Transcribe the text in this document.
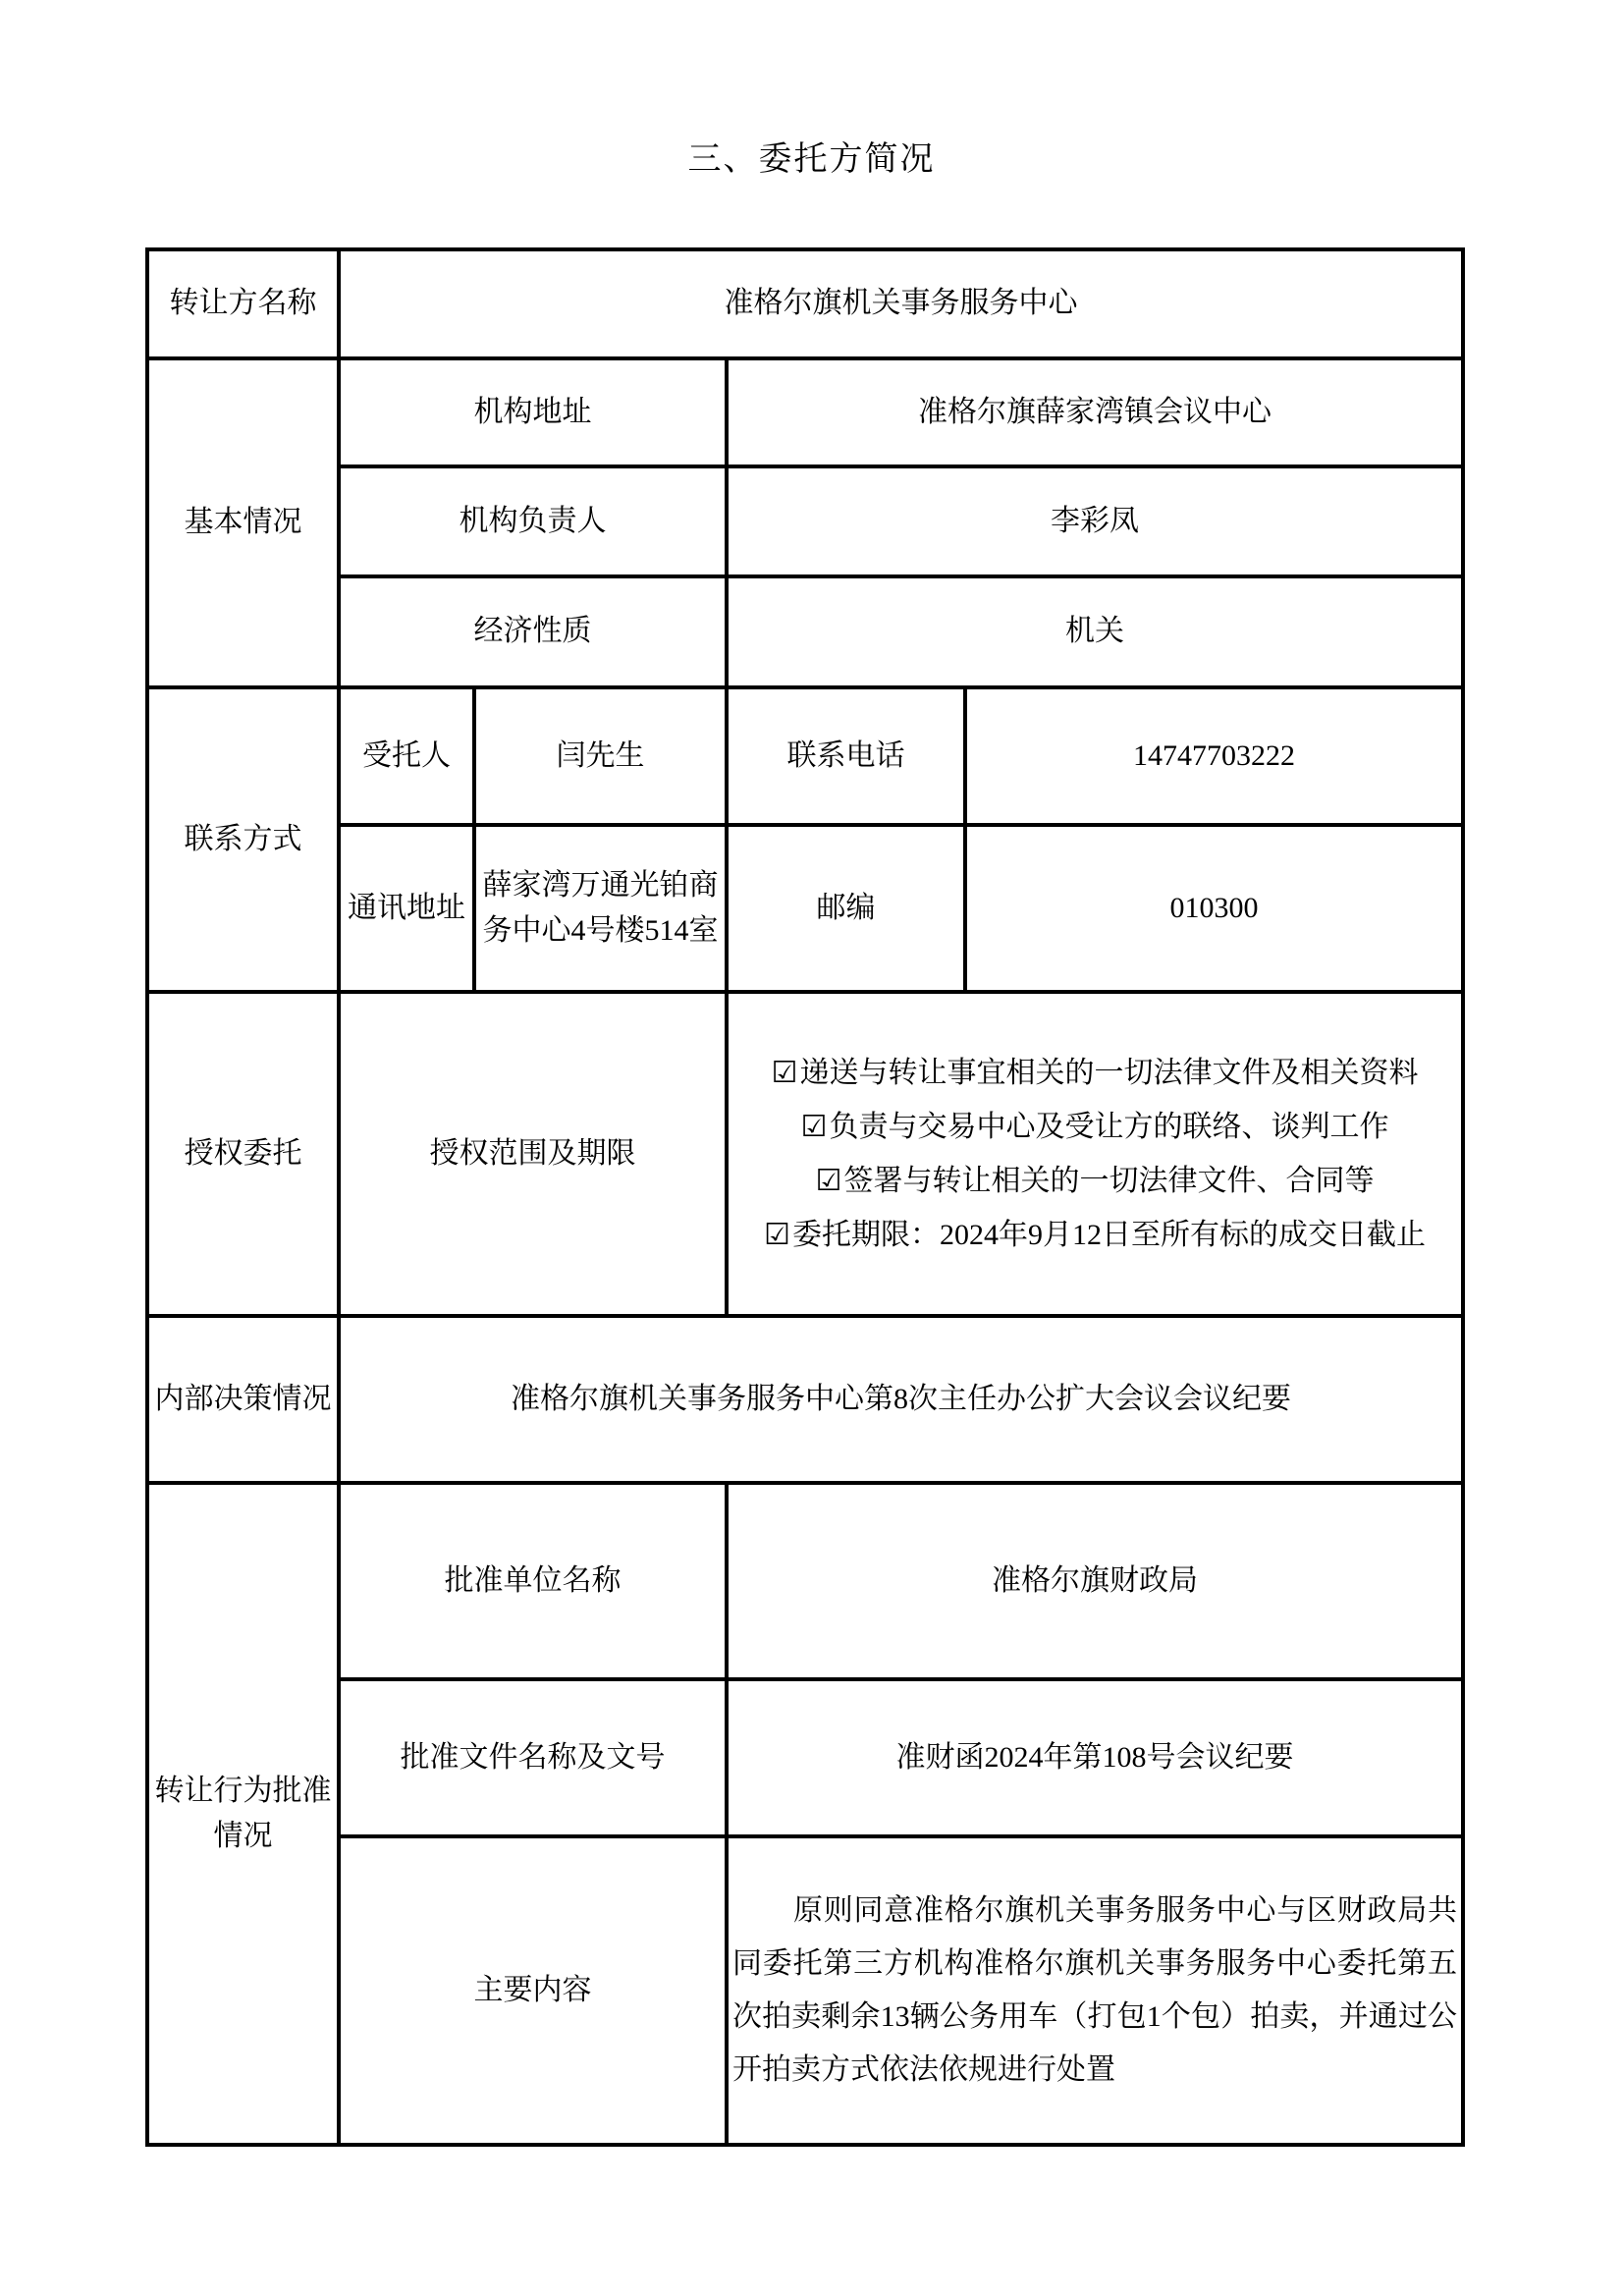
三、委托方简况
转让方名称	准格尔旗机关事务服务中心			
基本情况	机构地址		准格尔旗薛家湾镇会议中心	
	机构负责人		李彩凤	
	经济性质		机关	
联系方式	受托人	闫先生	联系电话	14747703222
	通讯地址	薛家湾万通光铂商务中心4号楼514室	邮编	010300
授权委托	授权范围及期限		☑递送与转让事宜相关的一切法律文件及相关资料
☑负责与交易中心及受让方的联络、谈判工作
☑签署与转让相关的一切法律文件、合同等
☑委托期限：2024年9月12日至所有标的成交日截止	

内部决策情况	准格尔旗机关事务服务中心第8次主任办公扩大会议会议纪要			
转让行为批准情况	批准单位名称		准格尔旗财政局	
	批准文件名称及文号		准财函2024年第108号会议纪要	
	主要内容		原则同意准格尔旗机关事务服务中心与区财政局共同委托第三方机构准格尔旗机关事务服务中心委托第五次拍卖剩余13辆公务用车（打包1个包）拍卖，并通过公开拍卖方式依法依规进行处置	
